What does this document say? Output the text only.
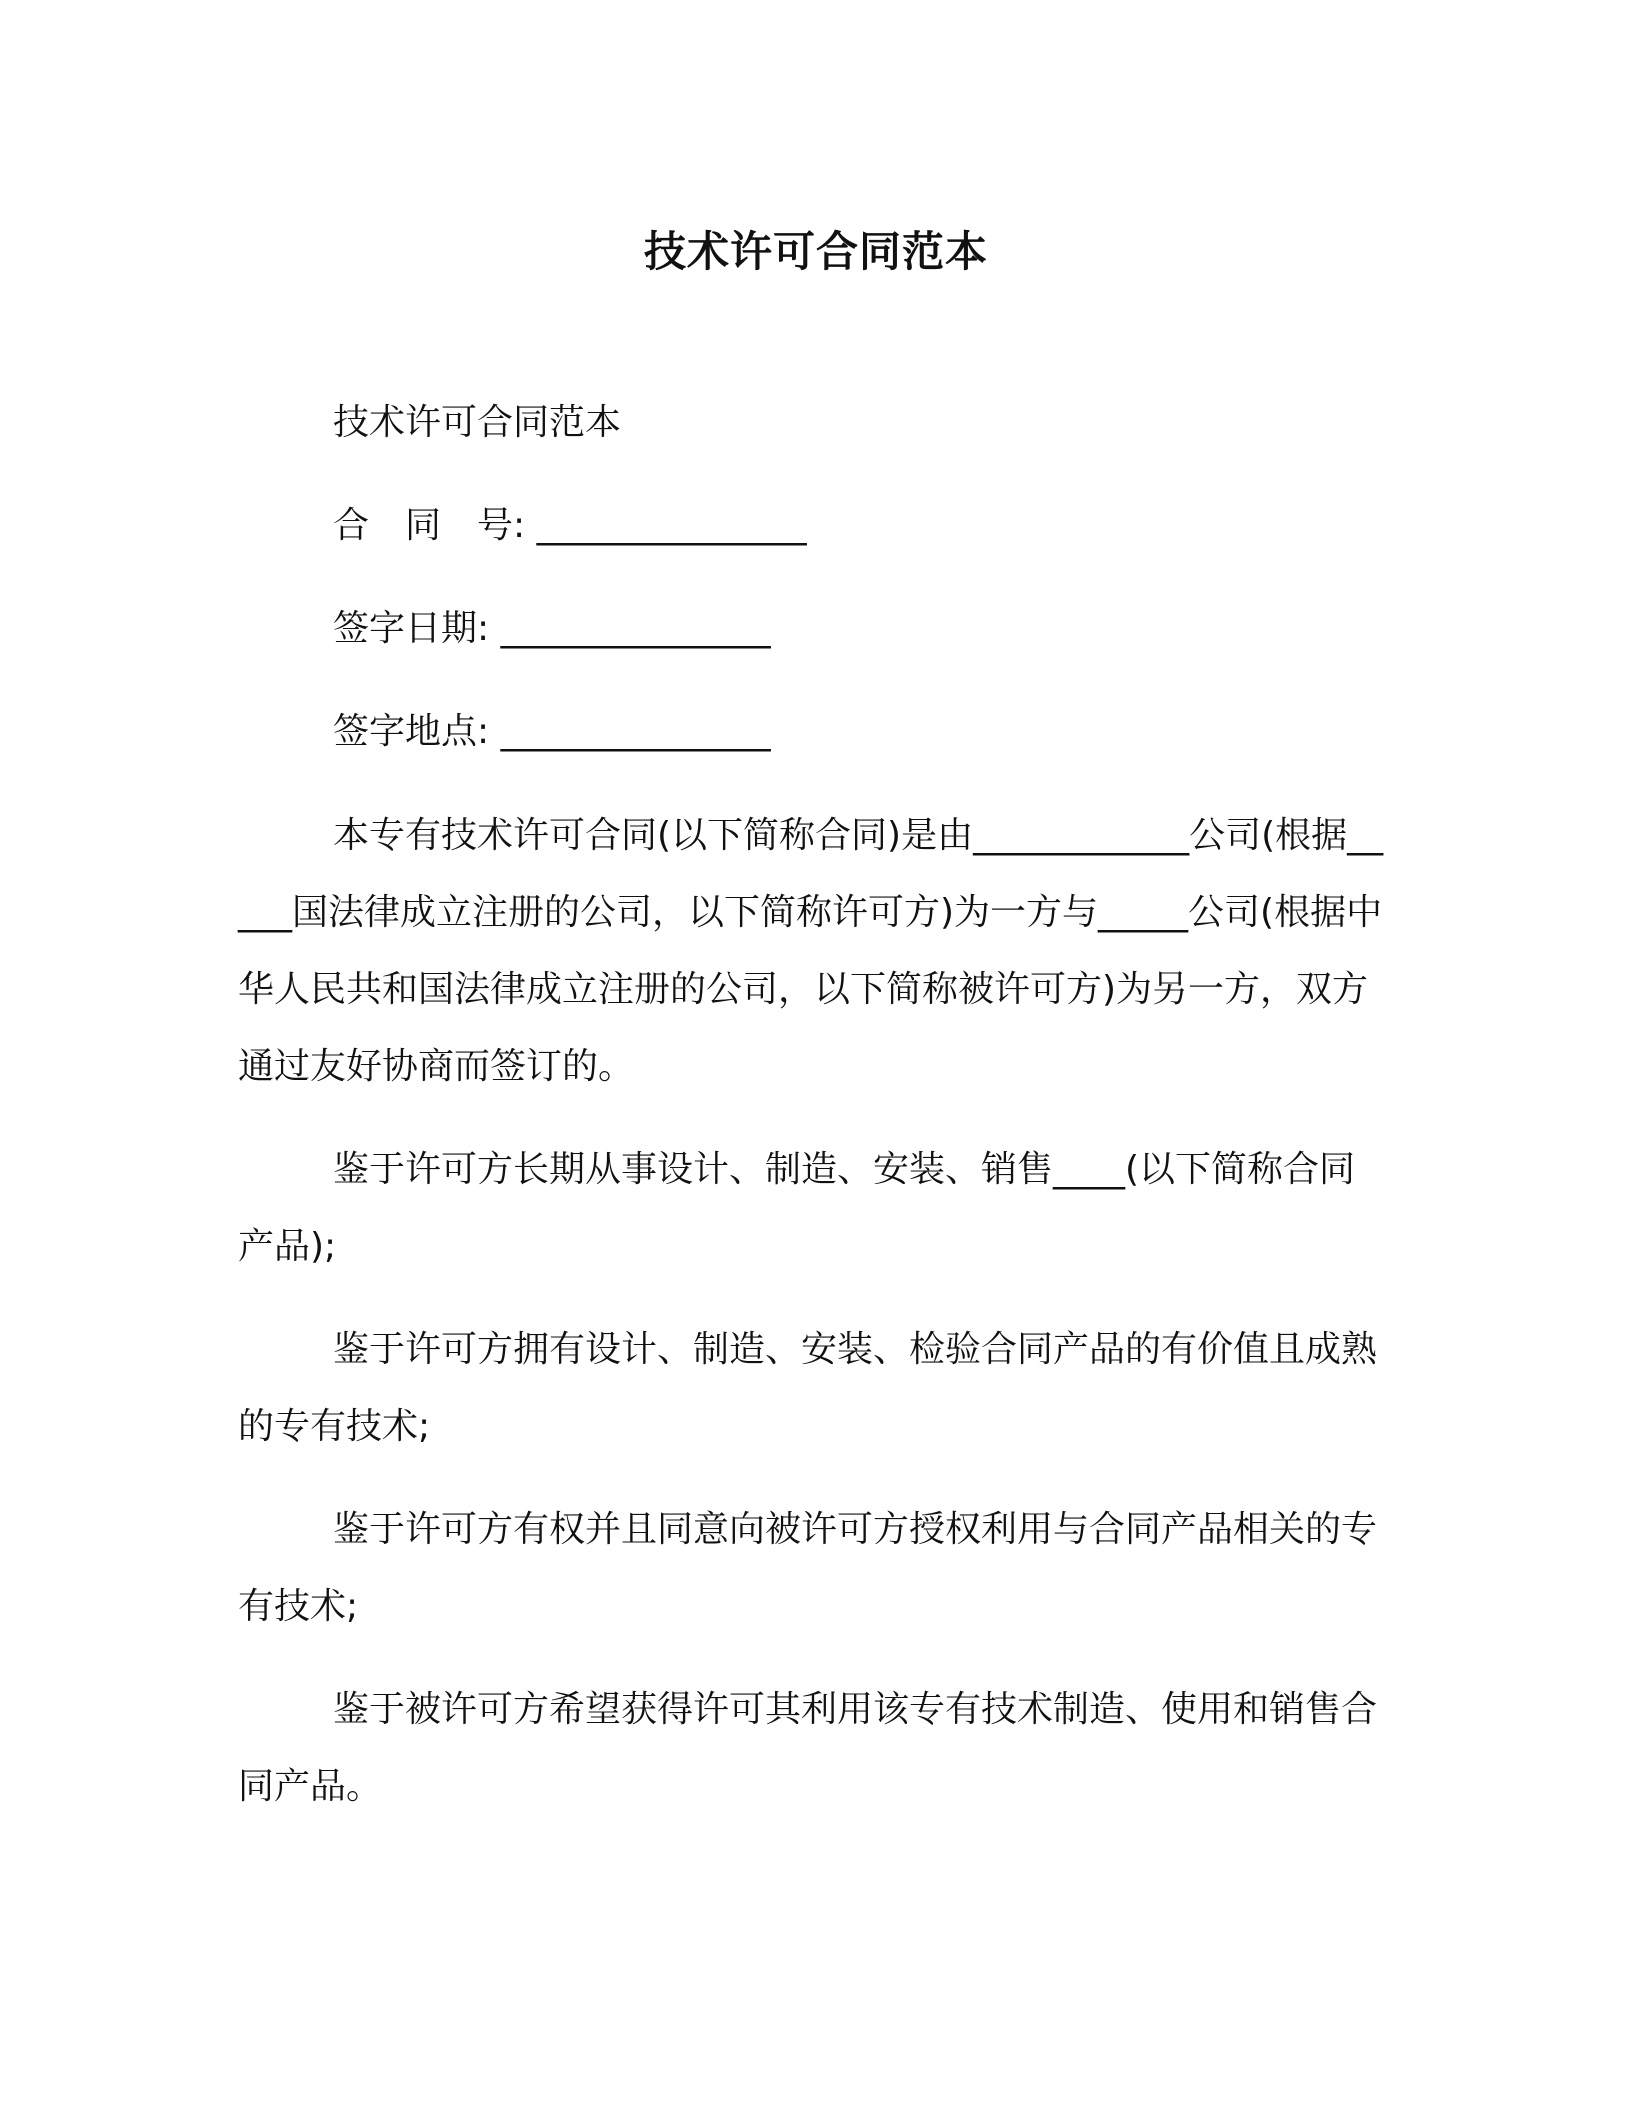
技术许可合同范本
技术许可合同范本
合　同　号: _______________
签字日期: _______________
签字地点: _______________
本专有技术许可合同(以下简称合同)是由____________公司(根据_____国法律成立注册的公司，以下简称许可方)为一方与_____公司(根据中华人民共和国法律成立注册的公司，以下简称被许可方)为另一方，双方通过友好协商而签订的。
鉴于许可方长期从事设计、制造、安装、销售____(以下简称合同产品);
鉴于许可方拥有设计、制造、安装、检验合同产品的有价值且成熟的专有技术;
鉴于许可方有权并且同意向被许可方授权利用与合同产品相关的专有技术;
鉴于被许可方希望获得许可其利用该专有技术制造、使用和销售合同产品。
